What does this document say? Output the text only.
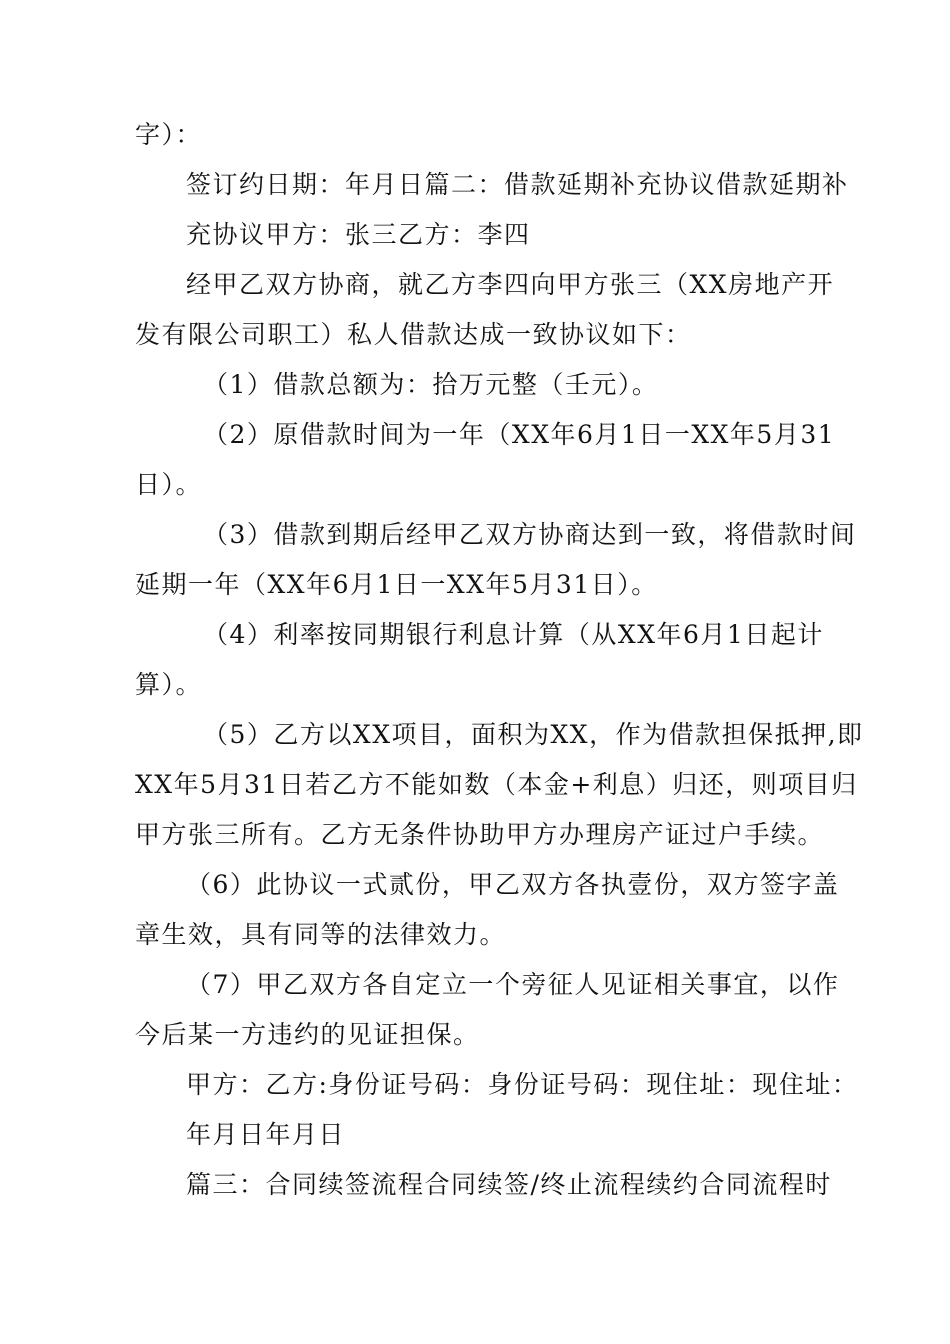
字）：
签订约日期：年月日篇二：借款延期补充协议借款延期补
充协议甲方：张三乙方：李四
经甲乙双方协商，就乙方李四向甲方张三（XX房地产开
发有限公司职工）私人借款达成一致协议如下：
（1）借款总额为：拾万元整（壬元）。
（2）原借款时间为一年（XX年6月1日一XX年5月31
日）。
（3）借款到期后经甲乙双方协商达到一致，将借款时间
延期一年（XX年6月1日一XX年5月31日）。
（4）利率按同期银行利息计算（从XX年6月1日起计
算）。
（5）乙方以XX项目，面积为XX，作为借款担保抵押,即
XX年5月31日若乙方不能如数（本金+利息）归还，则项目归
甲方张三所有。乙方无条件协助甲方办理房产证过户手续。
（6）此协议一式贰份，甲乙双方各执壹份，双方签字盖
章生效，具有同等的法律效力。
（7）甲乙双方各自定立一个旁征人见证相关事宜，以作
今后某一方违约的见证担保。
甲方：乙方:身份证号码：身份证号码：现住址：现住址：
年月日年月日
篇三：合同续签流程合同续签/终止流程续约合同流程时
